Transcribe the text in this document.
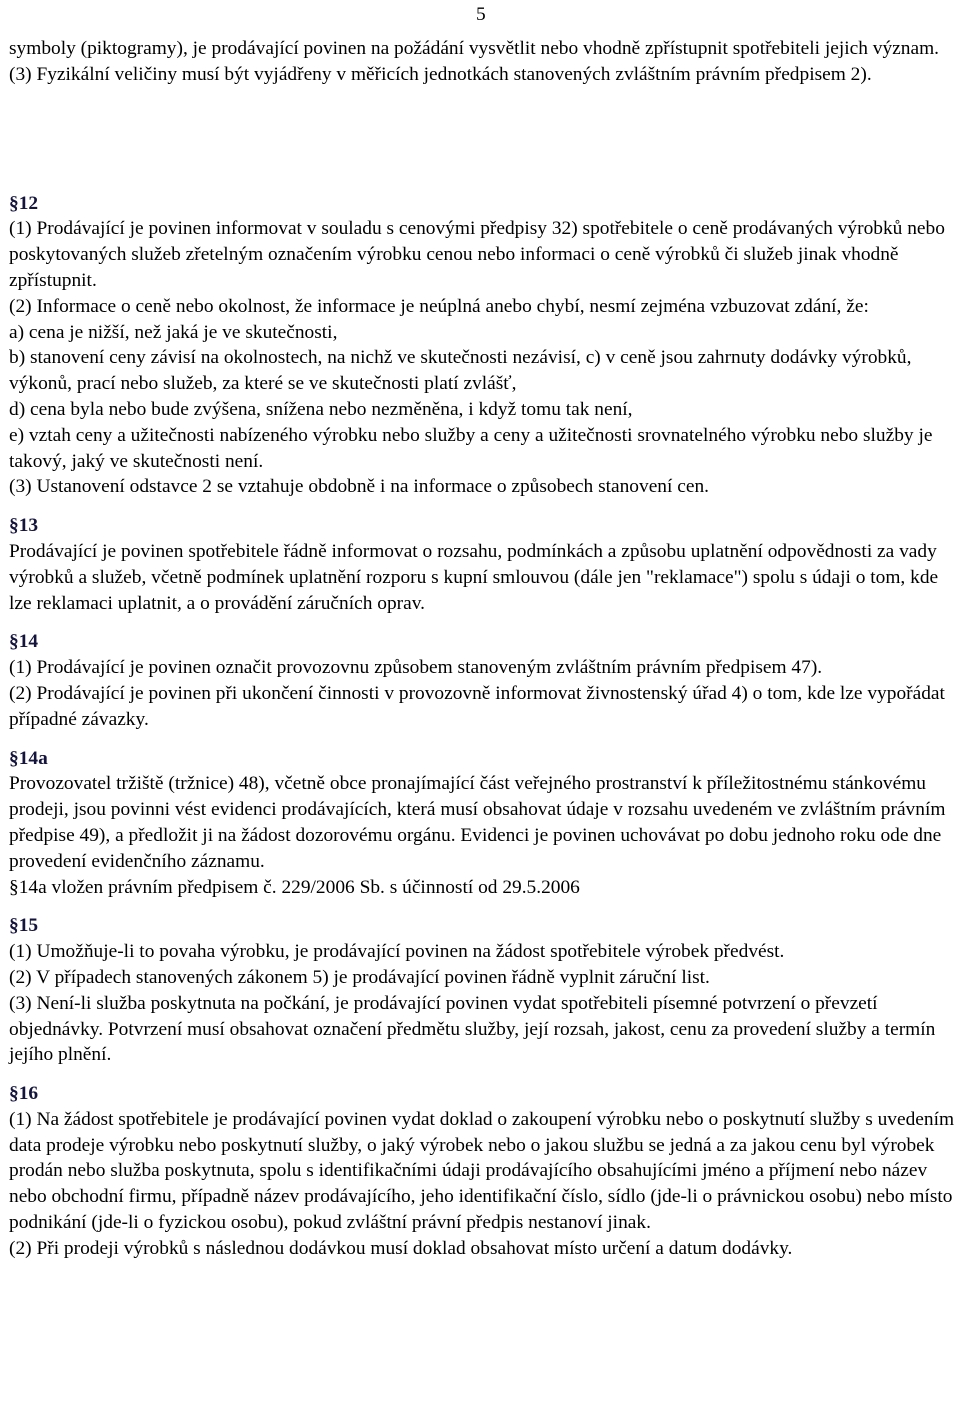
5

symboly (piktogramy), je prodávající povinen na požádání vysvětlit nebo vhodně zpřístupnit spotřebiteli jejich význam.

(3) Fyzikální veličiny musí být vyjádřeny v měřicích jednotkách stanovených zvláštním právním předpisem 2).

§12

(1) Prodávající je povinen informovat v souladu s cenovými předpisy 32) spotřebitele o ceně prodávaných výrobků nebo poskytovaných služeb zřetelným označením výrobku cenou nebo informaci o ceně výrobků či služeb jinak vhodně zpřístupnit.

(2) Informace o ceně nebo okolnost, že informace je neúplná anebo chybí, nesmí zejména vzbuzovat zdání, že:

a) cena je nižší, než jaká je ve skutečnosti,

b) stanovení ceny závisí na okolnostech, na nichž ve skutečnosti nezávisí, c) v ceně jsou zahrnuty dodávky výrobků, výkonů, prací nebo služeb, za které se ve skutečnosti platí zvlášť,

d) cena byla nebo bude zvýšena, snížena nebo nezměněna, i když tomu tak není,

e) vztah ceny a užitečnosti nabízeného výrobku nebo služby a ceny a užitečnosti srovnatelného výrobku nebo služby je takový, jaký ve skutečnosti není.

(3) Ustanovení odstavce 2 se vztahuje obdobně i na informace o způsobech stanovení cen.

§13

Prodávající je povinen spotřebitele řádně informovat o rozsahu, podmínkách a způsobu uplatnění odpovědnosti za vady výrobků a služeb, včetně podmínek uplatnění rozporu s kupní smlouvou (dále jen "reklamace") spolu s údaji o tom, kde lze reklamaci uplatnit, a o provádění záručních oprav.

§14

(1) Prodávající je povinen označit provozovnu způsobem stanoveným zvláštním právním předpisem 47).

(2) Prodávající je povinen při ukončení činnosti v provozovně informovat živnostenský úřad 4) o tom, kde lze vypořádat případné závazky.

§14a

Provozovatel tržiště (tržnice) 48), včetně obce pronajímající část veřejného prostranství k příležitostnému stánkovému prodeji, jsou povinni vést evidenci prodávajících, která musí obsahovat údaje v rozsahu uvedeném ve zvláštním právním předpise 49), a předložit ji na žádost dozorovému orgánu. Evidenci je povinen uchovávat po dobu jednoho roku ode dne provedení evidenčního záznamu.

§14a vložen právním předpisem č. 229/2006 Sb. s účinností od 29.5.2006

§15

(1) Umožňuje-li to povaha výrobku, je prodávající povinen na žádost spotřebitele výrobek předvést.

(2) V případech stanovených zákonem 5) je prodávající povinen řádně vyplnit záruční list.

(3) Není-li služba poskytnuta na počkání, je prodávající povinen vydat spotřebiteli písemné potvrzení o převzetí objednávky. Potvrzení musí obsahovat označení předmětu služby, její rozsah, jakost, cenu za provedení služby a termín jejího plnění.

§16

(1) Na žádost spotřebitele je prodávající povinen vydat doklad o zakoupení výrobku nebo o poskytnutí služby s uvedením data prodeje výrobku nebo poskytnutí služby, o jaký výrobek nebo o jakou službu se jedná a za jakou cenu byl výrobek prodán nebo služba poskytnuta, spolu s identifikačními údaji prodávajícího obsahujícími jméno a příjmení nebo název nebo obchodní firmu, případně název prodávajícího, jeho identifikační číslo, sídlo (jde-li o právnickou osobu) nebo místo podnikání (jde-li o fyzickou osobu), pokud zvláštní právní předpis nestanoví jinak.

(2) Při prodeji výrobků s následnou dodávkou musí doklad obsahovat místo určení a datum dodávky.
